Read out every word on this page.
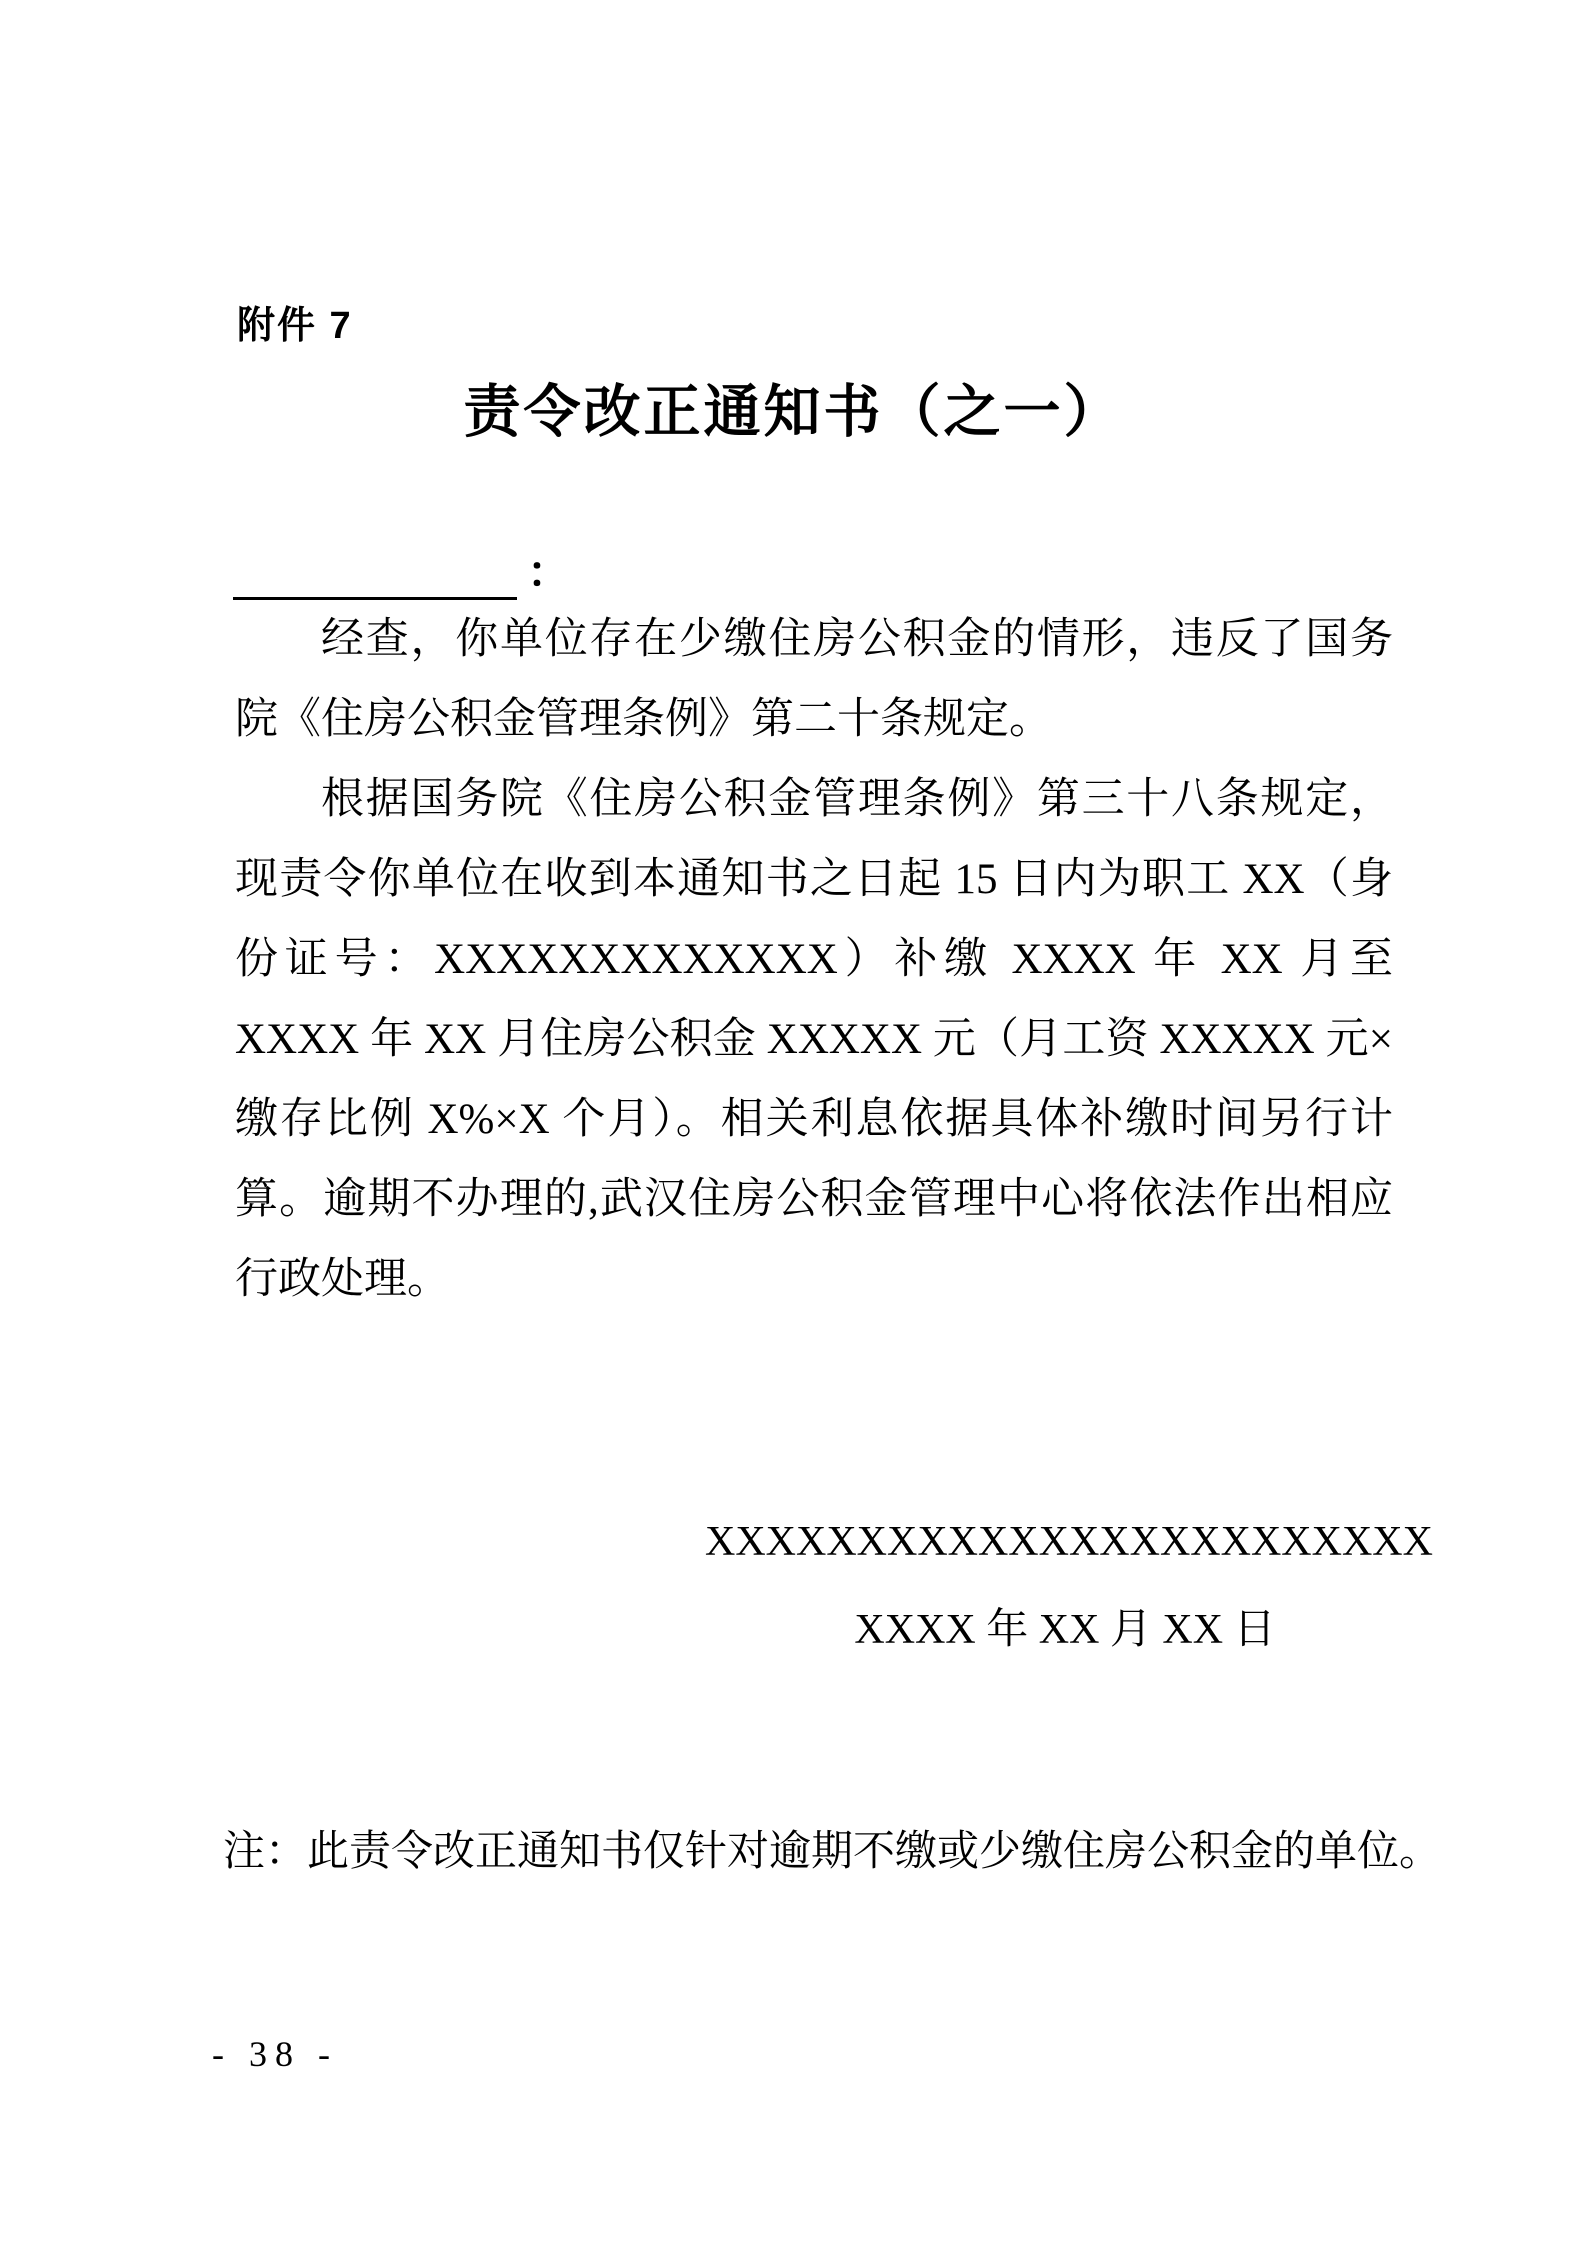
附件 7
责令改正通知书（之一）
：

经查，你单位存在少缴住房公积金的情形，违反了国务院《住房公积金管理条例》第二十条规定。

根据国务院《住房公积金管理条例》第三十八条规定，现责令你单位在收到本通知书之日起 15 日内为职工 XX（身份证号：XXXXXXXXXXXXX）补缴 XXXX 年 XX 月至 XXXX 年 XX 月住房公积金 XXXXX 元（月工资 XXXXX 元×缴存比例 X%×X 个月）。相关利息依据具体补缴时间另行计算。逾期不办理的,武汉住房公积金管理中心将依法作出相应行政处理。

XXXXXXXXXXXXXXXXXXXXXXXX

XXXX 年 XX 月 XX 日

注：此责令改正通知书仅针对逾期不缴或少缴住房公积金的单位。
- 38 -
